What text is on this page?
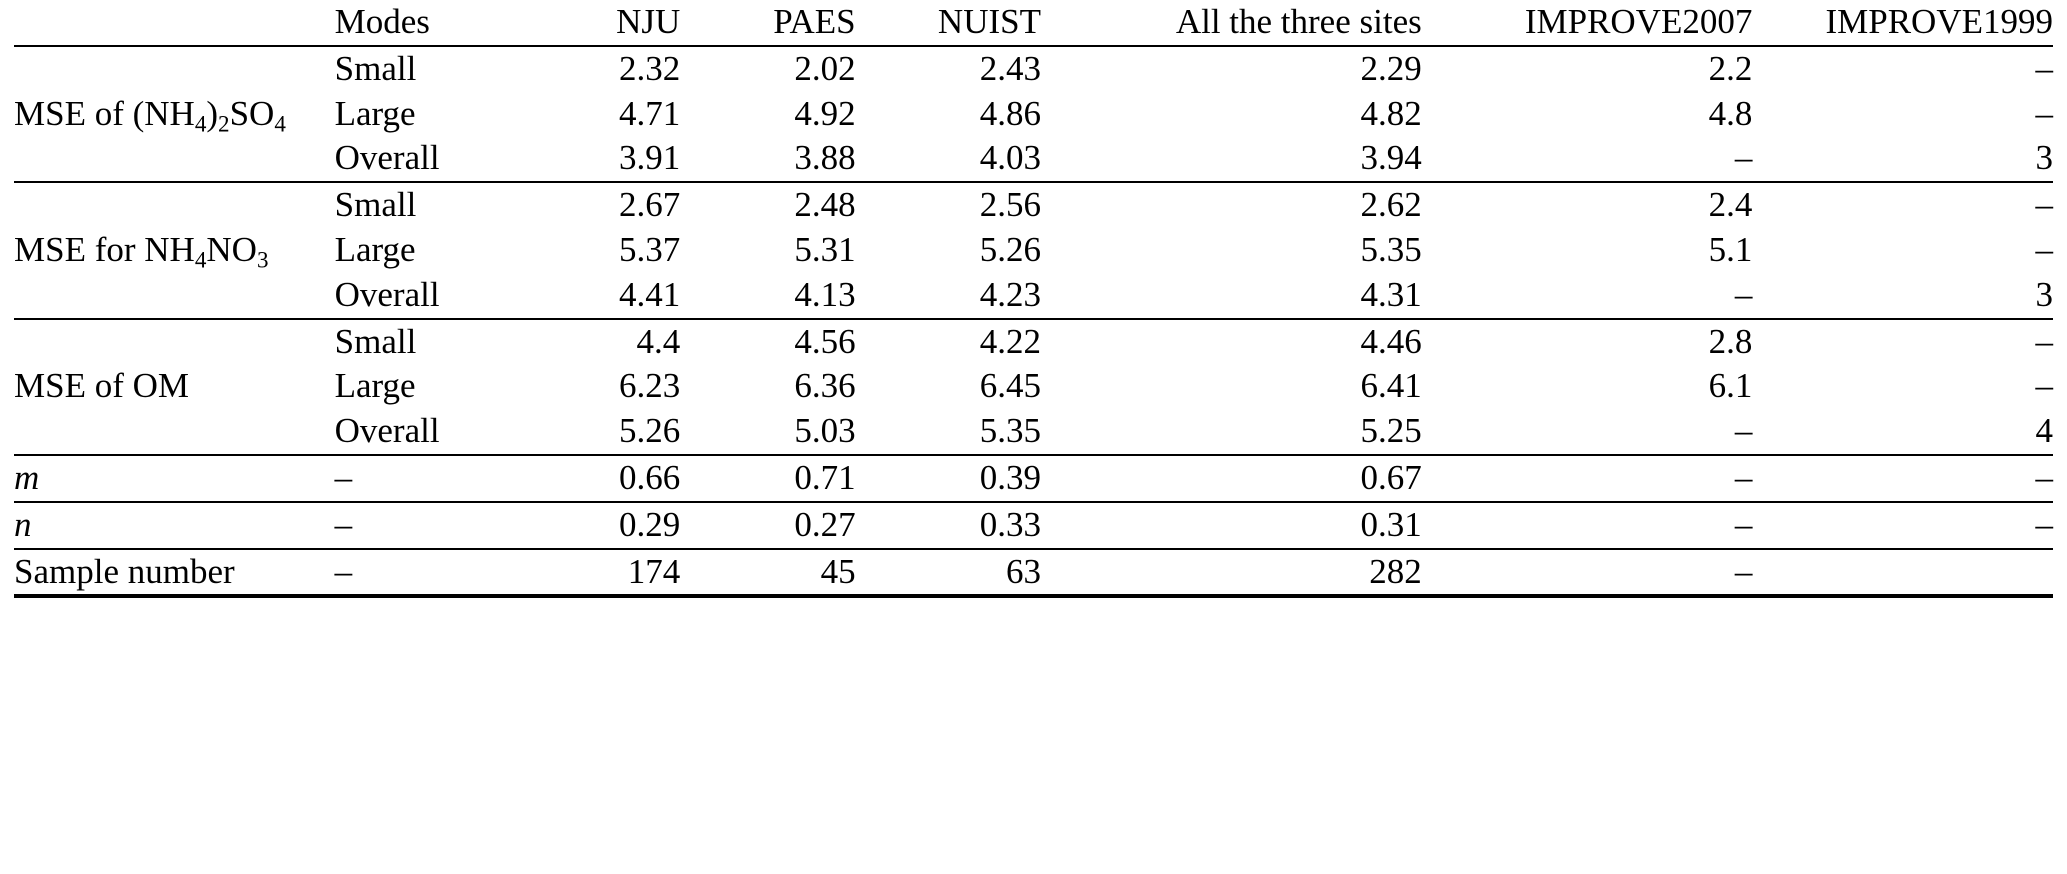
	Modes	NJU	PAES	NUIST	All the three sites	IMPROVE2007	IMPROVE1999
MSE of $(NH_4)_2SO_4$	Small	2.32	2.02	2.43	2.29	2.2	–
	Large	4.71	4.92	4.86	4.82	4.8	–
	Overall	3.91	3.88	4.03	3.94	–	3
MSE for $NH_4NO_3$	Small	2.67	2.48	2.56	2.62	2.4	–
	Large	5.37	5.31	5.26	5.35	5.1	–
	Overall	4.41	4.13	4.23	4.31	–	3
MSE of OM	Small	4.4	4.56	4.22	4.46	2.8	–
	Large	6.23	6.36	6.45	6.41	6.1	–
	Overall	5.26	5.03	5.35	5.25	–	4
m	–	0.66	0.71	0.39	0.67	–	–
n	–	0.29	0.27	0.33	0.31	–	–
Sample number	–	174	45	63	282	–	
